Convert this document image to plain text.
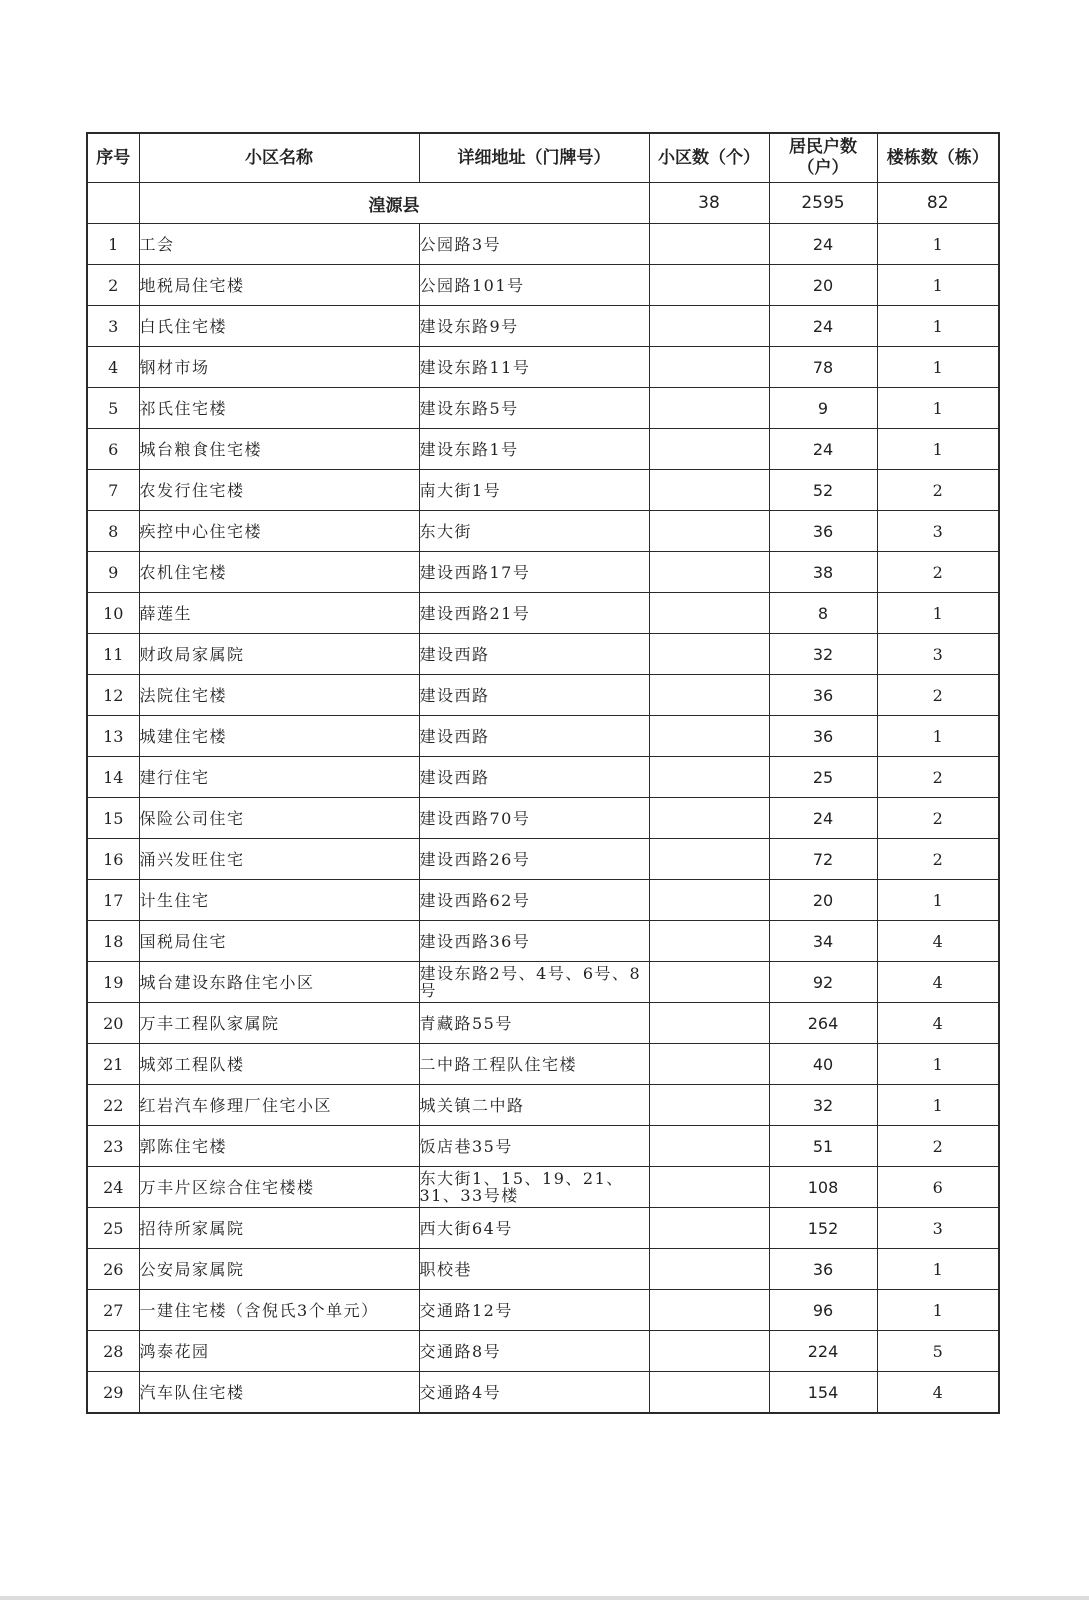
序号	小区名称	详细地址（门牌号）	小区数（个）	居民户数（户）	楼栋数（栋）
	湟源县		38	2595	82
1	工会	公园路3号		24	1
2	地税局住宅楼	公园路101号		20	1
3	白氏住宅楼	建设东路9号		24	1
4	钢材市场	建设东路11号		78	1
5	祁氏住宅楼	建设东路5号		9	1
6	城台粮食住宅楼	建设东路1号		24	1
7	农发行住宅楼	南大街1号		52	2
8	疾控中心住宅楼	东大街		36	3
9	农机住宅楼	建设西路17号		38	2
10	薛莲生	建设西路21号		8	1
11	财政局家属院	建设西路		32	3
12	法院住宅楼	建设西路		36	2
13	城建住宅楼	建设西路		36	1
14	建行住宅	建设西路		25	2
15	保险公司住宅	建设西路70号		24	2
16	涌兴发旺住宅	建设西路26号		72	2
17	计生住宅	建设西路62号		20	1
18	国税局住宅	建设西路36号		34	4
19	城台建设东路住宅小区	建设东路2号、4号、6号、8号		92	4
20	万丰工程队家属院	青藏路55号		264	4
21	城郊工程队楼	二中路工程队住宅楼		40	1
22	红岩汽车修理厂住宅小区	城关镇二中路		32	1
23	郭陈住宅楼	饭店巷35号		51	2
24	万丰片区综合住宅楼楼	东大街1、15、19、21、31、33号楼		108	6
25	招待所家属院	西大街64号		152	3
26	公安局家属院	职校巷		36	1
27	一建住宅楼（含倪氏3个单元）	交通路12号		96	1
28	鸿泰花园	交通路8号		224	5
29	汽车队住宅楼	交通路4号		154	4
